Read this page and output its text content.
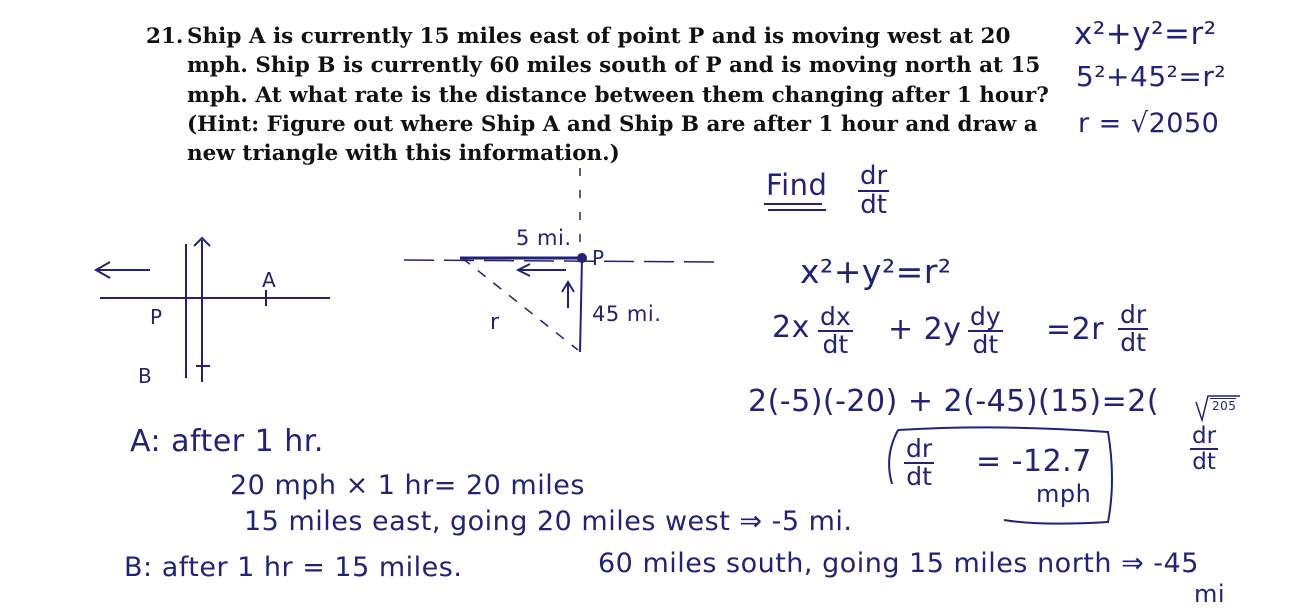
21. Ship A is currently 15 miles east of point P and is moving west at 20 mph. Ship B is currently 60 miles south of P and is moving north at 15 mph. At what rate is the distance between them changing after 1 hour? (Hint: Figure out where Ship A and Ship B are after 1 hour and draw a new triangle with this information.)
x²+y²=r²
5²+45²=r²
r = √2050
Find $\frac{dr}{dt}$
x²+y²=r²
$2x \frac{dx}{dt} + 2y \frac{dy}{dt} =2r \frac{dr}{dt}$
2(-5)(-20) + 2(-45)(15)=2(	205
$\frac{dr}{dt}$
$\frac{dr}{dt} = -12.7$
mph
A: after 1 hr.
20 mph × 1 hr= 20 miles
15 miles east, going 20 miles west ⇒ -5 mi.
B: after 1 hr = 15 miles.	60 miles south, going 15 miles north ⇒ -45
mi
A
P
B
5 mi.
P
45 mi.
r
